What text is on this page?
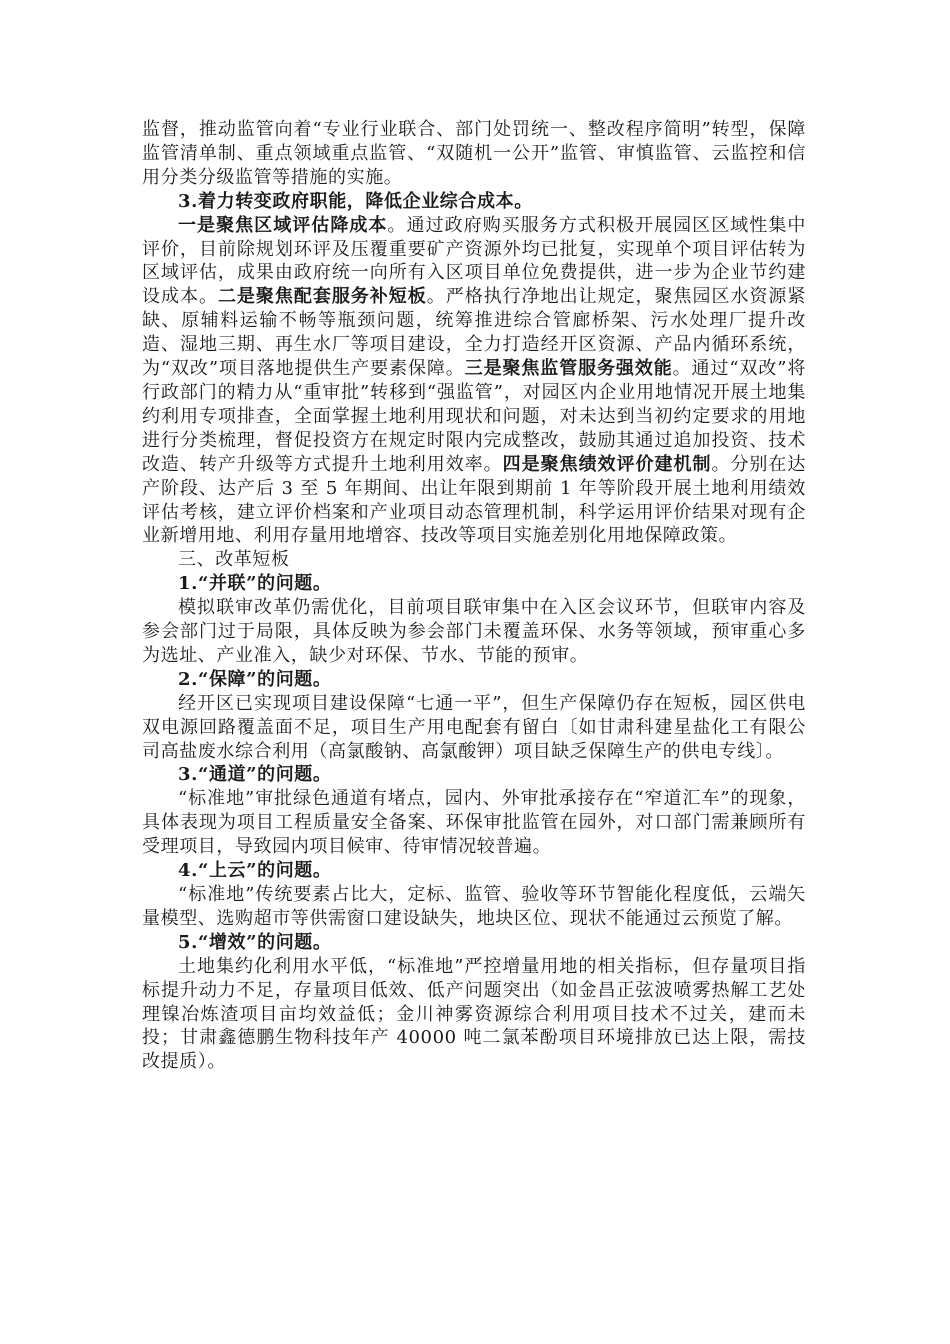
监督，推动监管向着“专业行业联合、部门处罚统一、整改程序简明”转型，保障监管清单制、重点领域重点监管、“双随机一公开”监管、审慎监管、云监控和信用分类分级监管等措施的实施。

3.着力转变政府职能，降低企业综合成本。

一是聚焦区域评估降成本。通过政府购买服务方式积极开展园区区域性集中评价，目前除规划环评及压覆重要矿产资源外均已批复，实现单个项目评估转为区域评估，成果由政府统一向所有入区项目单位免费提供，进一步为企业节约建设成本。二是聚焦配套服务补短板。严格执行净地出让规定，聚焦园区水资源紧缺、原辅料运输不畅等瓶颈问题，统筹推进综合管廊桥架、污水处理厂提升改造、湿地三期、再生水厂等项目建设，全力打造经开区资源、产品内循环系统，为“双改”项目落地提供生产要素保障。三是聚焦监管服务强效能。通过“双改”将行政部门的精力从“重审批”转移到“强监管”，对园区内企业用地情况开展土地集约利用专项排查，全面掌握土地利用现状和问题，对未达到当初约定要求的用地进行分类梳理，督促投资方在规定时限内完成整改，鼓励其通过追加投资、技术改造、转产升级等方式提升土地利用效率。四是聚焦绩效评价建机制。分别在达产阶段、达产后 3 至 5 年期间、出让年限到期前 1 年等阶段开展土地利用绩效评估考核，建立评价档案和产业项目动态管理机制，科学运用评价结果对现有企业新增用地、利用存量用地增容、技改等项目实施差别化用地保障政策。

三、改革短板

1.“并联”的问题。

模拟联审改革仍需优化，目前项目联审集中在入区会议环节，但联审内容及参会部门过于局限，具体反映为参会部门未覆盖环保、水务等领域，预审重心多为选址、产业准入，缺少对环保、节水、节能的预审。

2.“保障”的问题。

经开区已实现项目建设保障“七通一平”，但生产保障仍存在短板，园区供电双电源回路覆盖面不足，项目生产用电配套有留白〔如甘肃科建星盐化工有限公司高盐废水综合利用（高氯酸钠、高氯酸钾）项目缺乏保障生产的供电专线〕。

3.“通道”的问题。

“标准地”审批绿色通道有堵点，园内、外审批承接存在“窄道汇车”的现象，具体表现为项目工程质量安全备案、环保审批监管在园外，对口部门需兼顾所有受理项目，导致园内项目候审、待审情况较普遍。

4.“上云”的问题。

“标准地”传统要素占比大，定标、监管、验收等环节智能化程度低，云端矢量模型、选购超市等供需窗口建设缺失，地块区位、现状不能通过云预览了解。

5.“增效”的问题。

土地集约化利用水平低，“标准地”严控增量用地的相关指标，但存量项目指标提升动力不足，存量项目低效、低产问题突出（如金昌正弦波喷雾热解工艺处理镍冶炼渣项目亩均效益低；金川神雾资源综合利用项目技术不过关，建而未投；甘肃鑫德鹏生物科技年产 40000 吨二氯苯酚项目环境排放已达上限，需技改提质）。
